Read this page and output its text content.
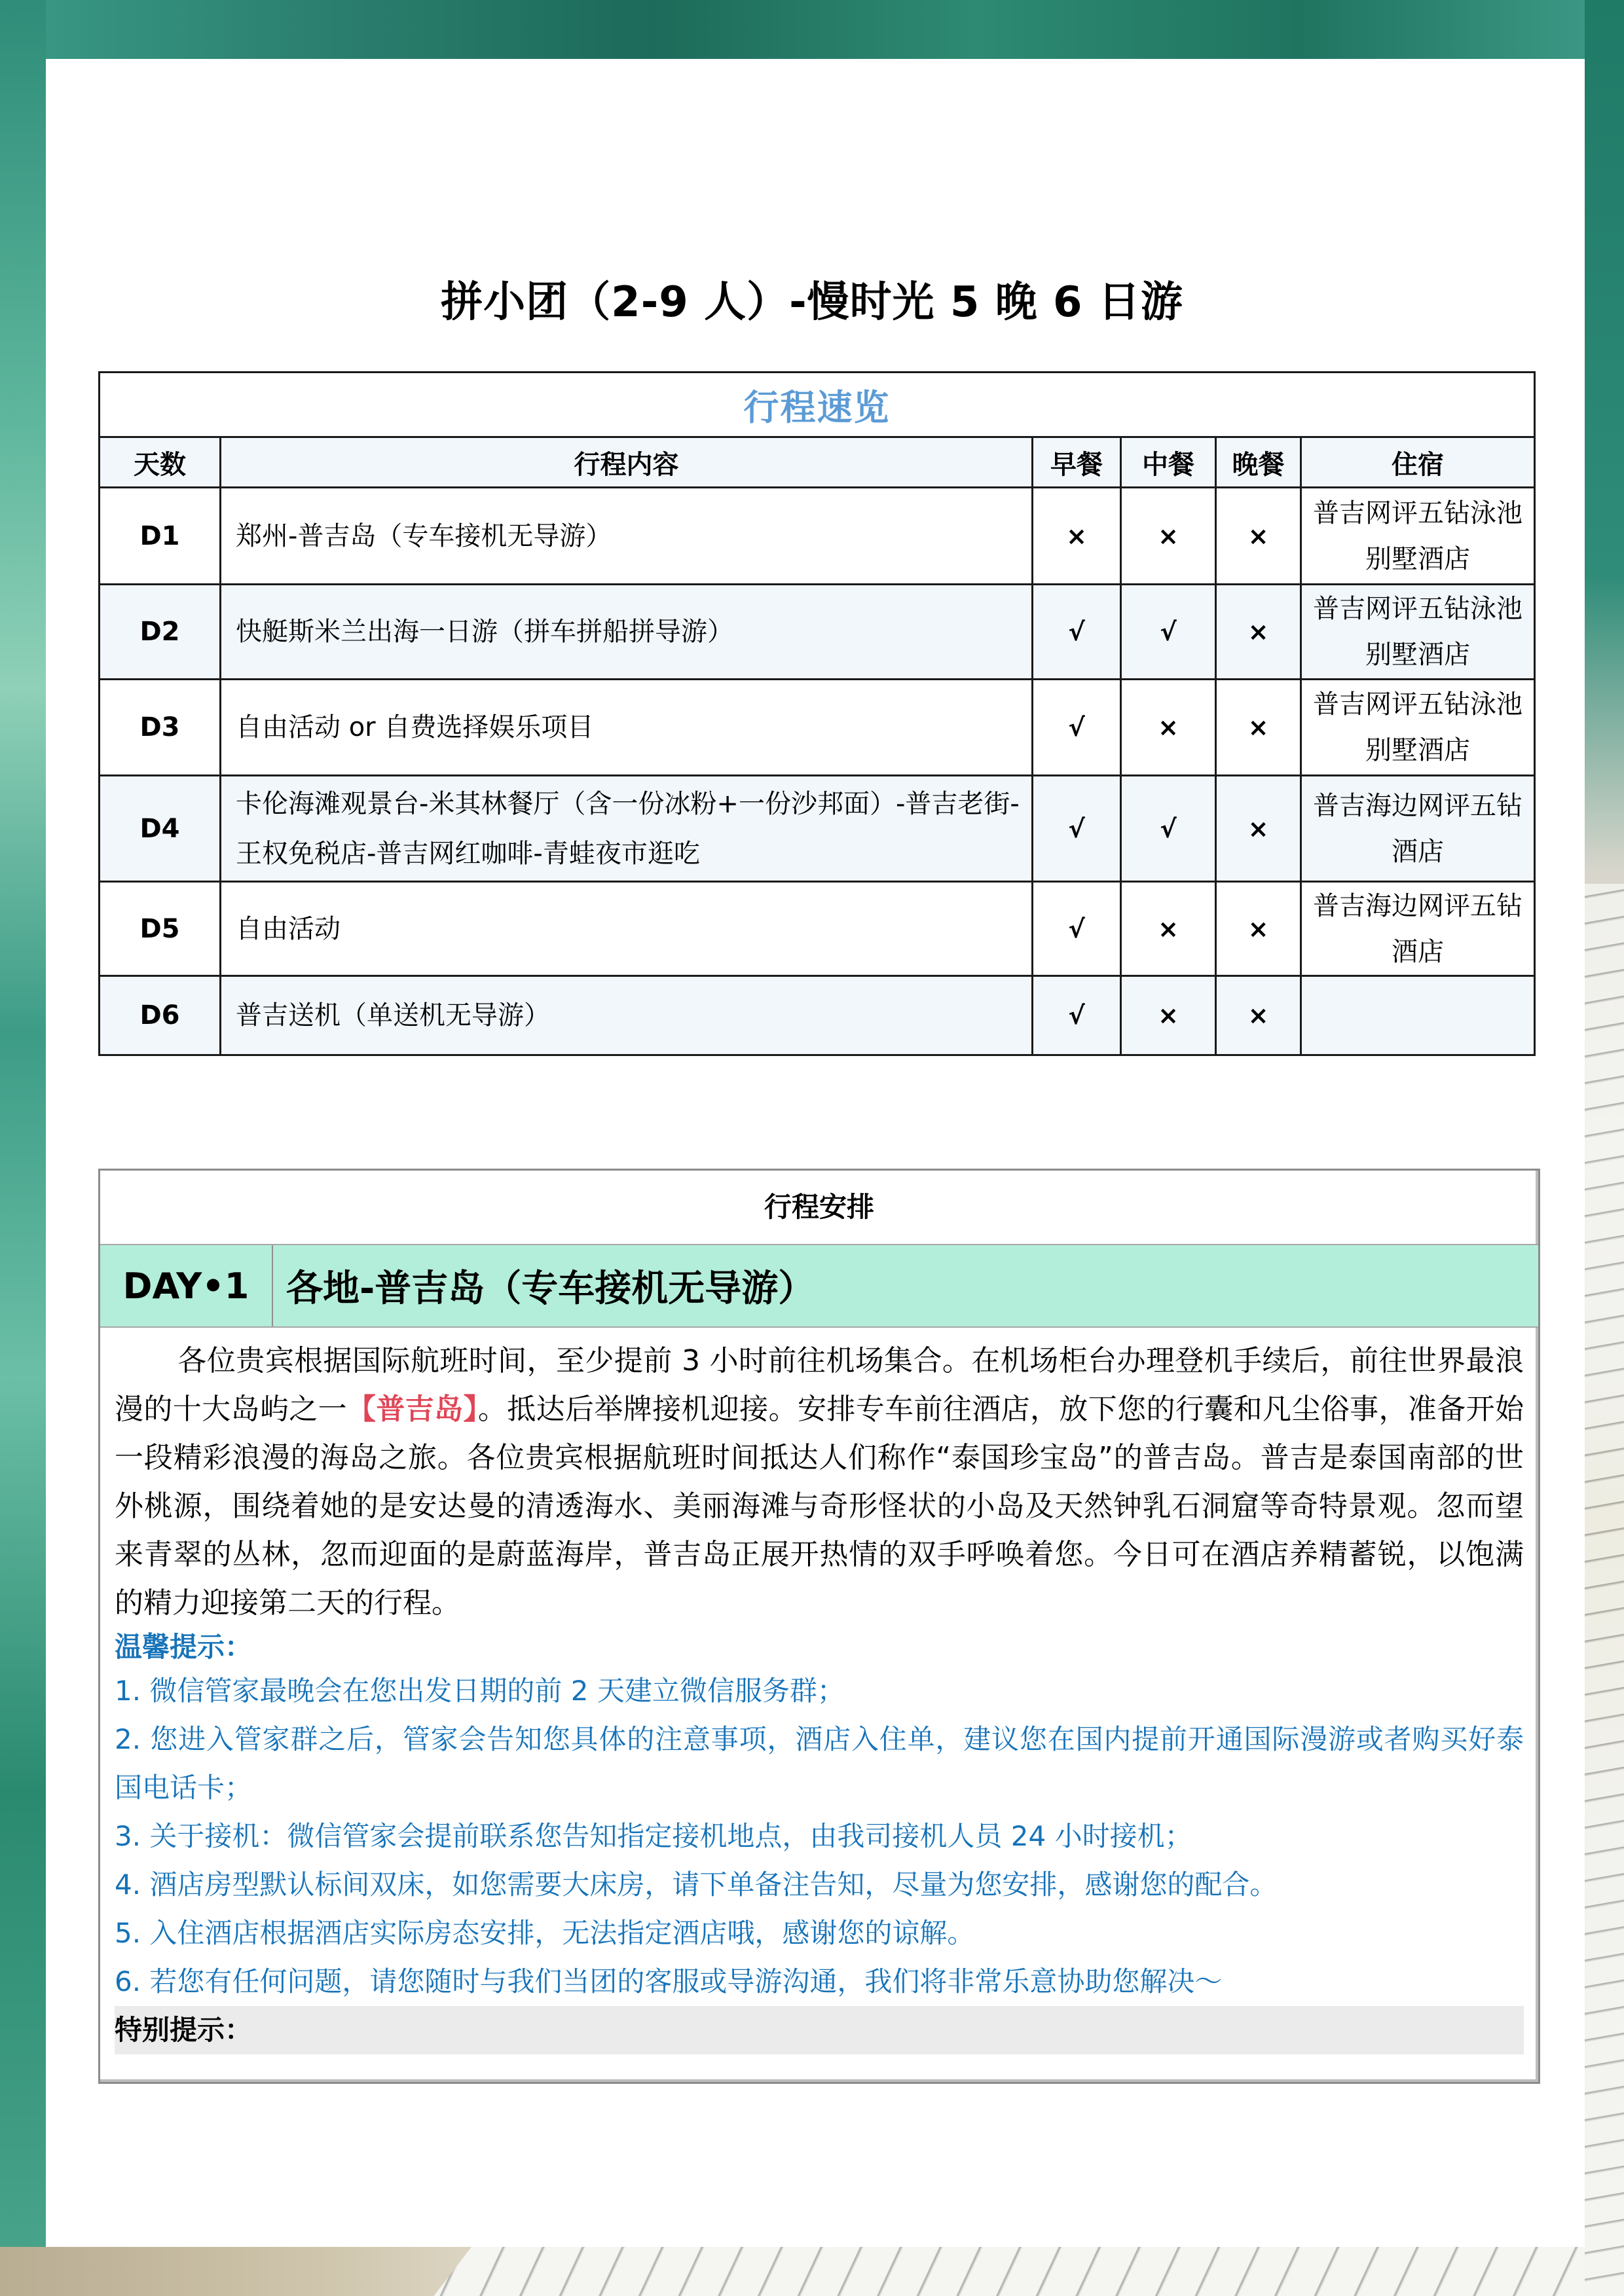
拼小团（2-9 人）-慢时光 5 晚 6 日游
行程速览					
天数	行程内容	早餐	中餐	晚餐	住宿
D1	郑州-普吉岛（专车接机无导游）	×	×	×	普吉网评五钻泳池别墅酒店
D2	快艇斯米兰出海一日游（拼车拼船拼导游）	√	√	×	普吉网评五钻泳池别墅酒店
D3	自由活动 or 自费选择娱乐项目	√	×	×	普吉网评五钻泳池别墅酒店
D4	卡伦海滩观景台-米其林餐厅（含一份冰粉+一份沙邦面）-普吉老街-王权免税店-普吉网红咖啡-青蛙夜市逛吃	√	√	×	普吉海边网评五钻酒店
D5	自由活动	√	×	×	普吉海边网评五钻酒店
D6	普吉送机（单送机无导游）	√	×	×	
行程安排
DAY•1	各地-普吉岛（专车接机无导游）
各位贵宾根据国际航班时间，至少提前 3 小时前往机场集合。在机场柜台办理登机手续后，前往世界最浪漫的十大岛屿之一【普吉岛】。抵达后举牌接机迎接。安排专车前往酒店，放下您的行囊和凡尘俗事，准备开始一段精彩浪漫的海岛之旅。各位贵宾根据航班时间抵达人们称作“泰国珍宝岛”的普吉岛。普吉是泰国南部的世外桃源，围绕着她的是安达曼的清透海水、美丽海滩与奇形怪状的小岛及天然钟乳石洞窟等奇特景观。忽而望来青翠的丛林，忽而迎面的是蔚蓝海岸，普吉岛正展开热情的双手呼唤着您。今日可在酒店养精蓄锐，以饱满的精力迎接第二天的行程。
温馨提示：
1. 微信管家最晚会在您出发日期的前 2 天建立微信服务群；
2. 您进入管家群之后，管家会告知您具体的注意事项，酒店入住单，建议您在国内提前开通国际漫游或者购买好泰国电话卡；
3. 关于接机：微信管家会提前联系您告知指定接机地点，由我司接机人员 24 小时接机；
4. 酒店房型默认标间双床，如您需要大床房，请下单备注告知，尽量为您安排，感谢您的配合。
5. 入住酒店根据酒店实际房态安排，无法指定酒店哦，感谢您的谅解。
6. 若您有任何问题，请您随时与我们当团的客服或导游沟通，我们将非常乐意协助您解决～
特别提示：
